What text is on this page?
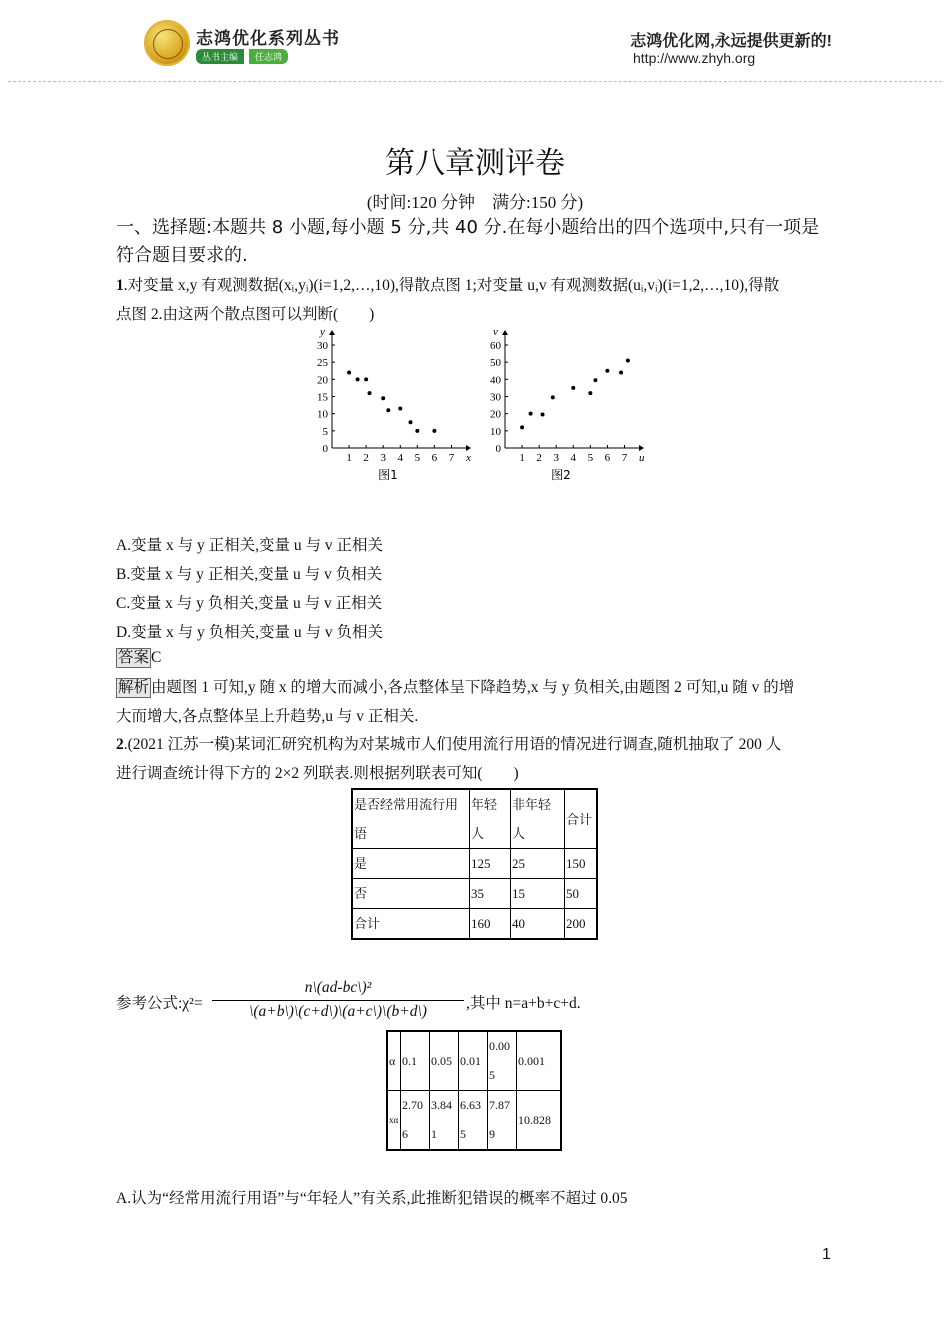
志鸿优化系列丛书
丛书主编	任志鸿
志鸿优化网,永远提供更新的!
http://www.zhyh.org
第八章测评卷
(时间:120 分钟　满分:150 分)
一、选择题:本题共 8 小题,每小题 5 分,共 40 分.在每小题给出的四个选项中,只有一项是符合题目要求的.
1.对变量 x,y 有观测数据(xᵢ,yᵢ)(i=1,2,…,10),得散点图 1;对变量 u,v 有观测数据(uᵢ,vᵢ)(i=1,2,…,10),得散
点图 2.由这两个散点图可以判断(　　)
0
5
10
15
20
25
30
1 2 3 4 5 6 7 x
y
图1
0
10
20
30
40
50
60
1 2 3 4 5 6 7 u
v
图2
A.变量 x 与 y 正相关,变量 u 与 v 正相关
B.变量 x 与 y 正相关,变量 u 与 v 负相关
C.变量 x 与 y 负相关,变量 u 与 v 正相关
D.变量 x 与 y 负相关,变量 u 与 v 负相关
答案 C
解析 由题图 1 可知,y 随 x 的增大而减小,各点整体呈下降趋势,x 与 y 负相关,由题图 2 可知,u 随 v 的增
大而增大,各点整体呈上升趋势,u 与 v 正相关.
2.(2021 江苏一模)某词汇研究机构为对某城市人们使用流行用语的情况进行调查,随机抽取了 200 人
进行调查统计得下方的 2×2 列联表.则根据列联表可知(　　)
是否经常用流行用语	年轻人	非年轻人	合计
是	125	25	150
否	35	15	50
合计	160	40	200
参考公式:χ²=
n\(ad-bc\)²
\(a+b\)\(c+d\)\(a+c\)\(b+d\)	,其中 n=a+b+c+d.
α	0.1	0.05	0.01	0.005	0.001
xα	2.706	3.841	6.635	7.879	10.828
A.认为“经常用流行用语”与“年轻人”有关系,此推断犯错误的概率不超过 0.05
1
